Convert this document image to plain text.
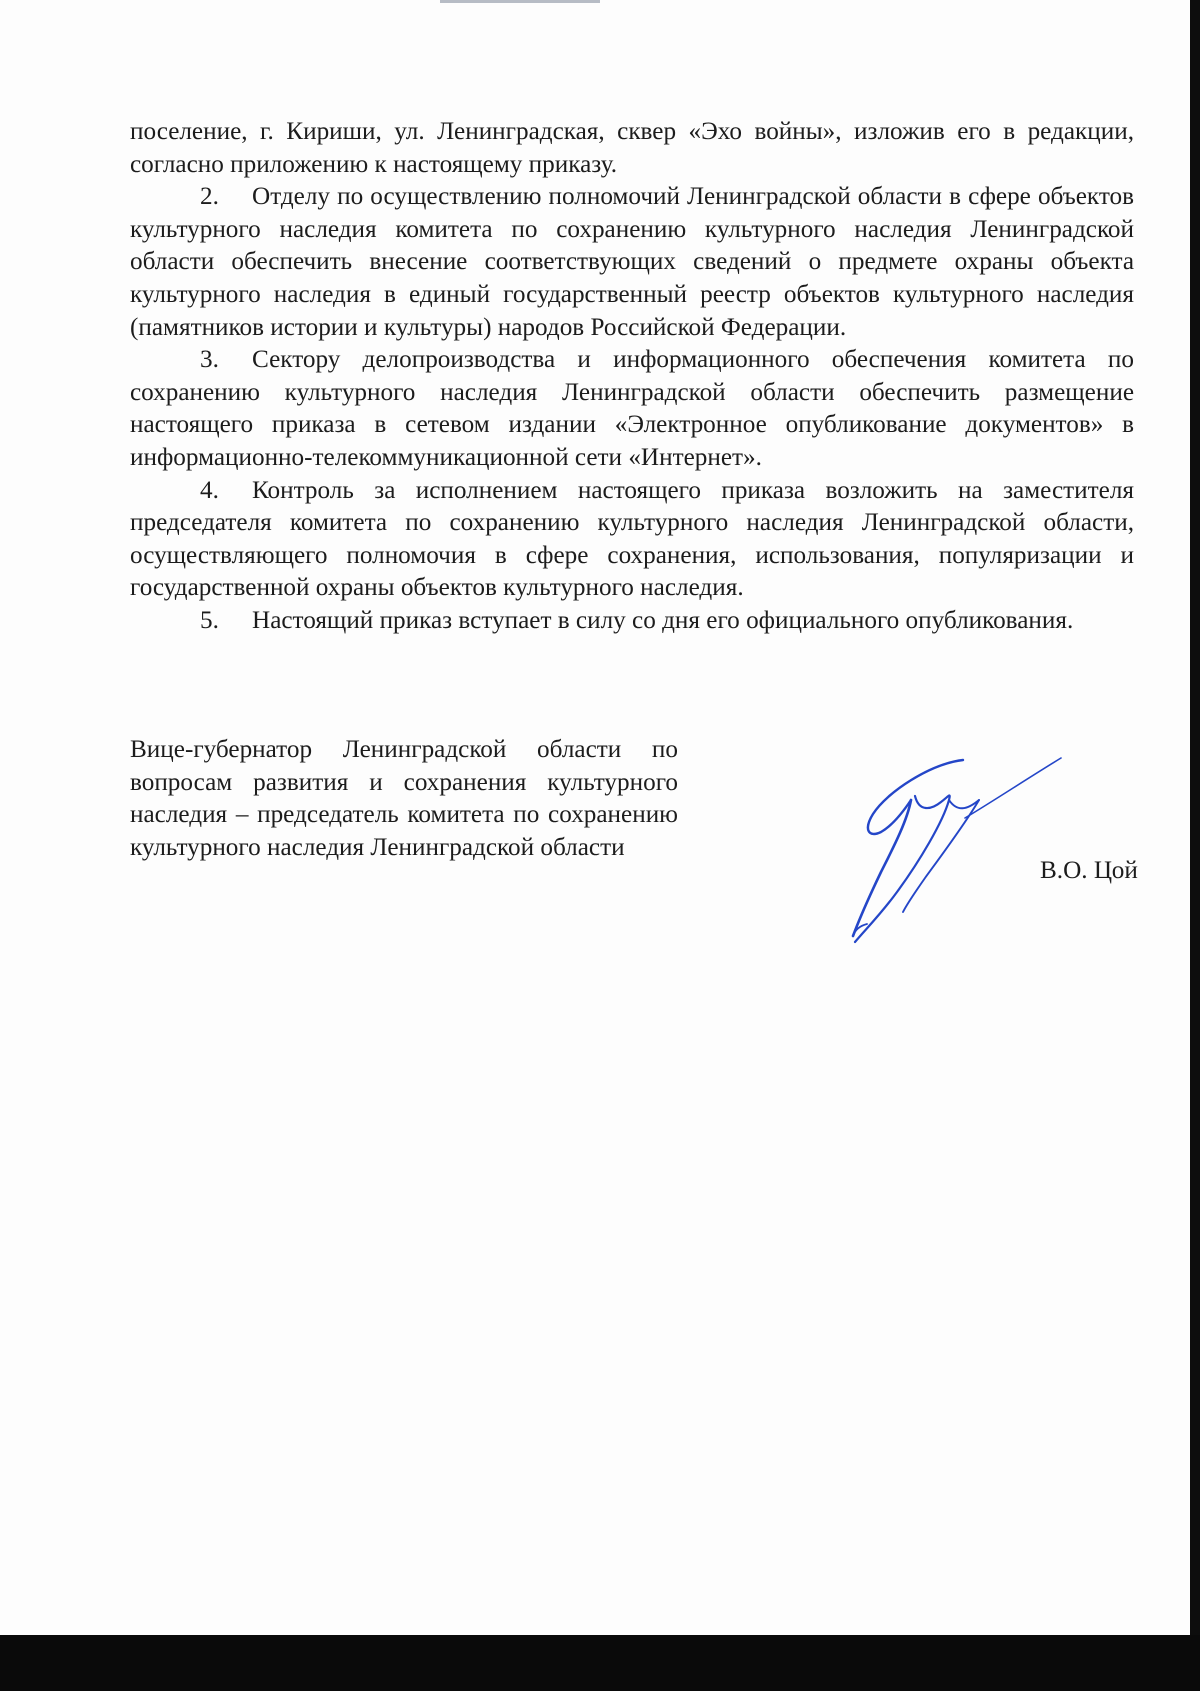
поселение, г. Кириши, ул. Ленинградская, сквер «Эхо войны», изложив его в редакции, согласно приложению к настоящему приказу.

2. Отделу по осуществлению полномочий Ленинградской области в сфере объектов культурного наследия комитета по сохранению культурного наследия Ленинградской области обеспечить внесение соответствующих сведений о предмете охраны объекта культурного наследия в единый государственный реестр объектов культурного наследия (памятников истории и культуры) народов Российской Федерации.

3. Сектору делопроизводства и информационного обеспечения комитета по сохранению культурного наследия Ленинградской области обеспечить размещение настоящего приказа в сетевом издании «Электронное опубликование документов» в информационно-телекоммуникационной сети «Интернет».

4. Контроль за исполнением настоящего приказа возложить на заместителя председателя комитета по сохранению культурного наследия Ленинградской области, осуществляющего полномочия в сфере сохранения, использования, популяризации и государственной охраны объектов культурного наследия.

5. Настоящий приказ вступает в силу со дня его официального опубликования.

Вице-губернатор Ленинградской области по вопросам развития и сохранения культурного наследия – председатель комитета по сохранению культурного наследия Ленинградской области

В.О. Цой
